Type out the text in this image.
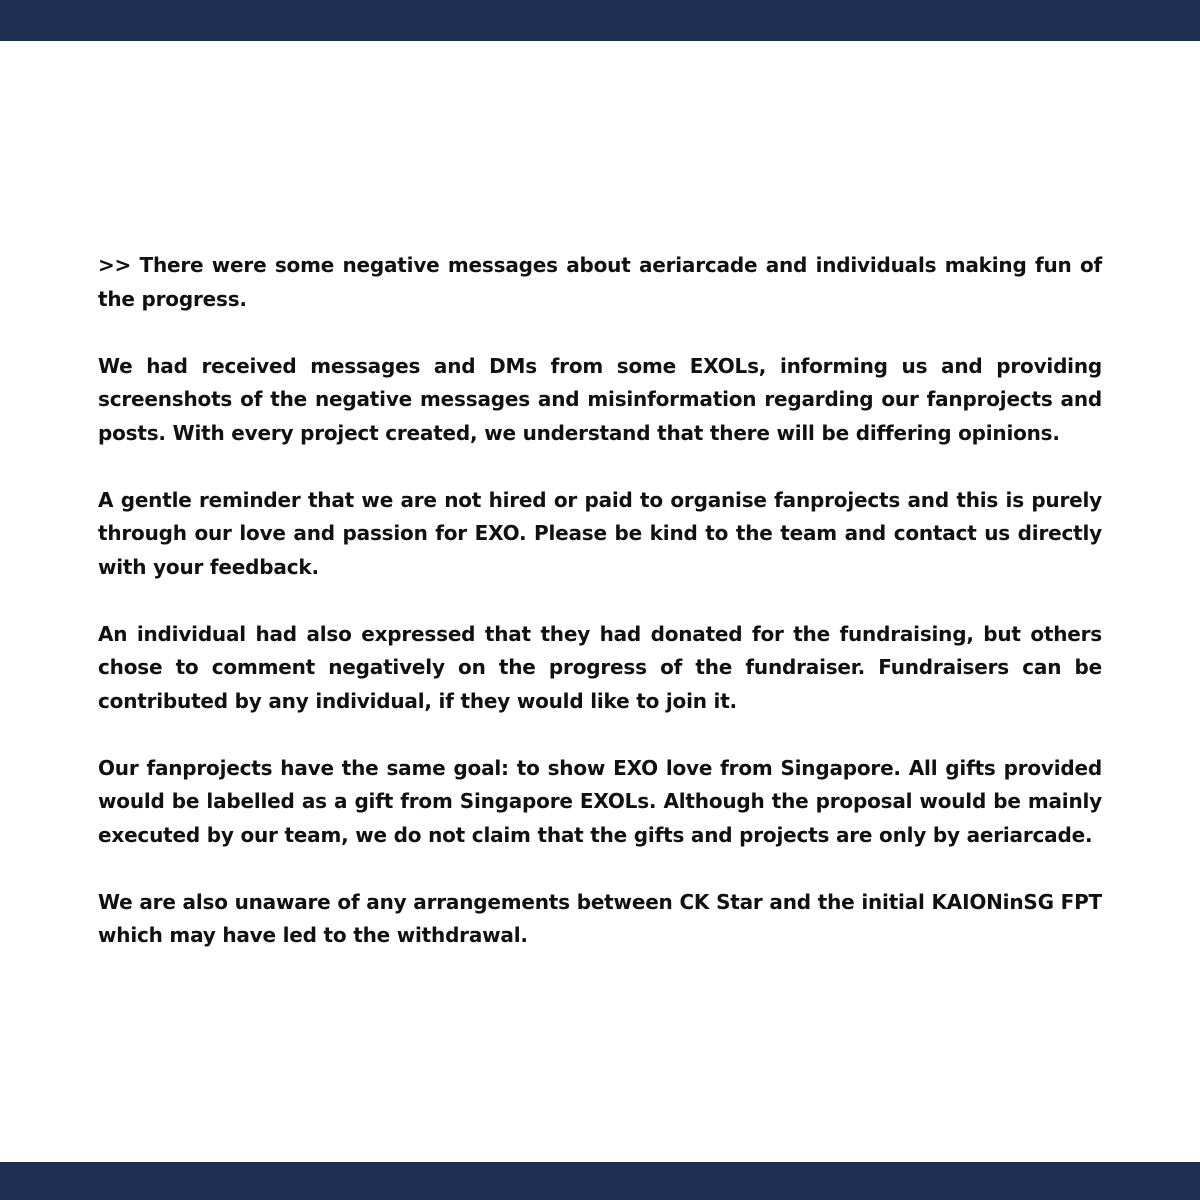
>> There were some negative messages about aeriarcade and individuals making fun of the progress.

We had received messages and DMs from some EXOLs, informing us and providing screenshots of the negative messages and misinformation regarding our fanprojects and posts. With every project created, we understand that there will be differing opinions.

A gentle reminder that we are not hired or paid to organise fanprojects and this is purely through our love and passion for EXO. Please be kind to the team and contact us directly with your feedback.

An individual had also expressed that they had donated for the fundraising, but others chose to comment negatively on the progress of the fundraiser. Fundraisers can be contributed by any individual, if they would like to join it.

Our fanprojects have the same goal: to show EXO love from Singapore. All gifts provided would be labelled as a gift from Singapore EXOLs. Although the proposal would be mainly executed by our team, we do not claim that the gifts and projects are only by aeriarcade.

We are also unaware of any arrangements between CK Star and the initial KAIONinSG FPT which may have led to the withdrawal.
